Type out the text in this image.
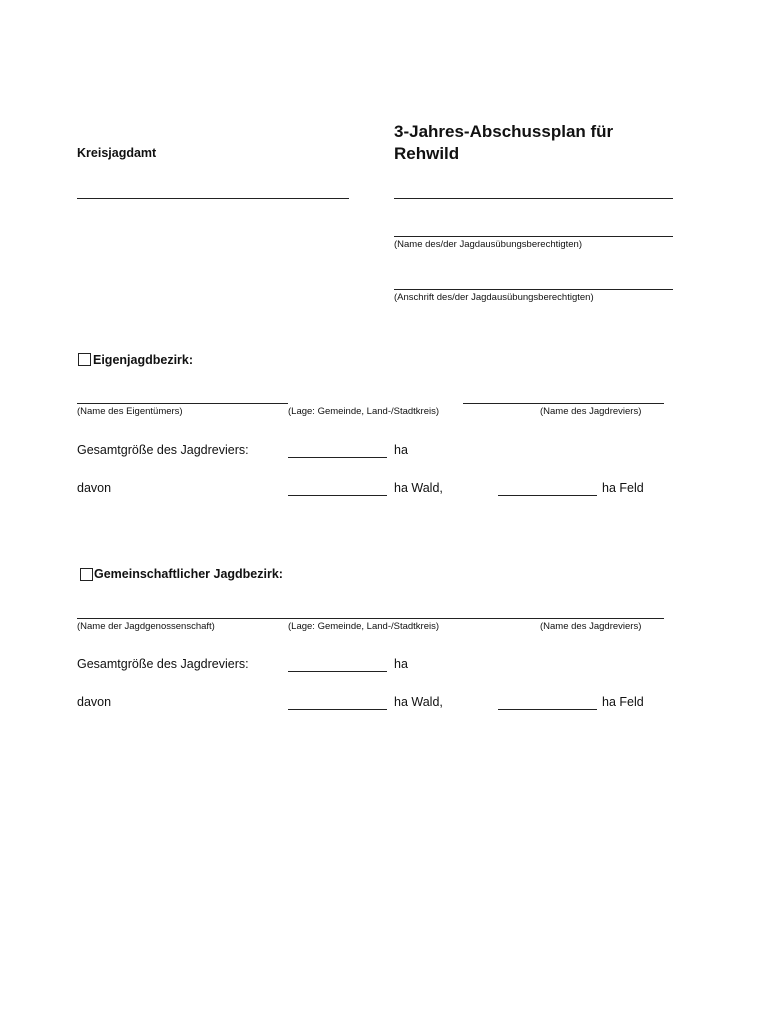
Kreisjagdamt
3-Jahres-Abschussplan für
Rehwild
(Name des/der Jagdausübungsberechtigten)
(Anschrift des/der Jagdausübungsberechtigten)
Eigenjagdbezirk:
(Name des Eigentümers)	(Lage: Gemeinde, Land-/Stadtkreis)	(Name des Jagdreviers)
Gesamtgröße des Jagdreviers:	ha
davon	ha Wald,	ha Feld
Gemeinschaftlicher Jagdbezirk:
(Name der Jagdgenossenschaft)	(Lage: Gemeinde, Land-/Stadtkreis)	(Name des Jagdreviers)
Gesamtgröße des Jagdreviers:	ha
davon	ha Wald,	ha Feld
